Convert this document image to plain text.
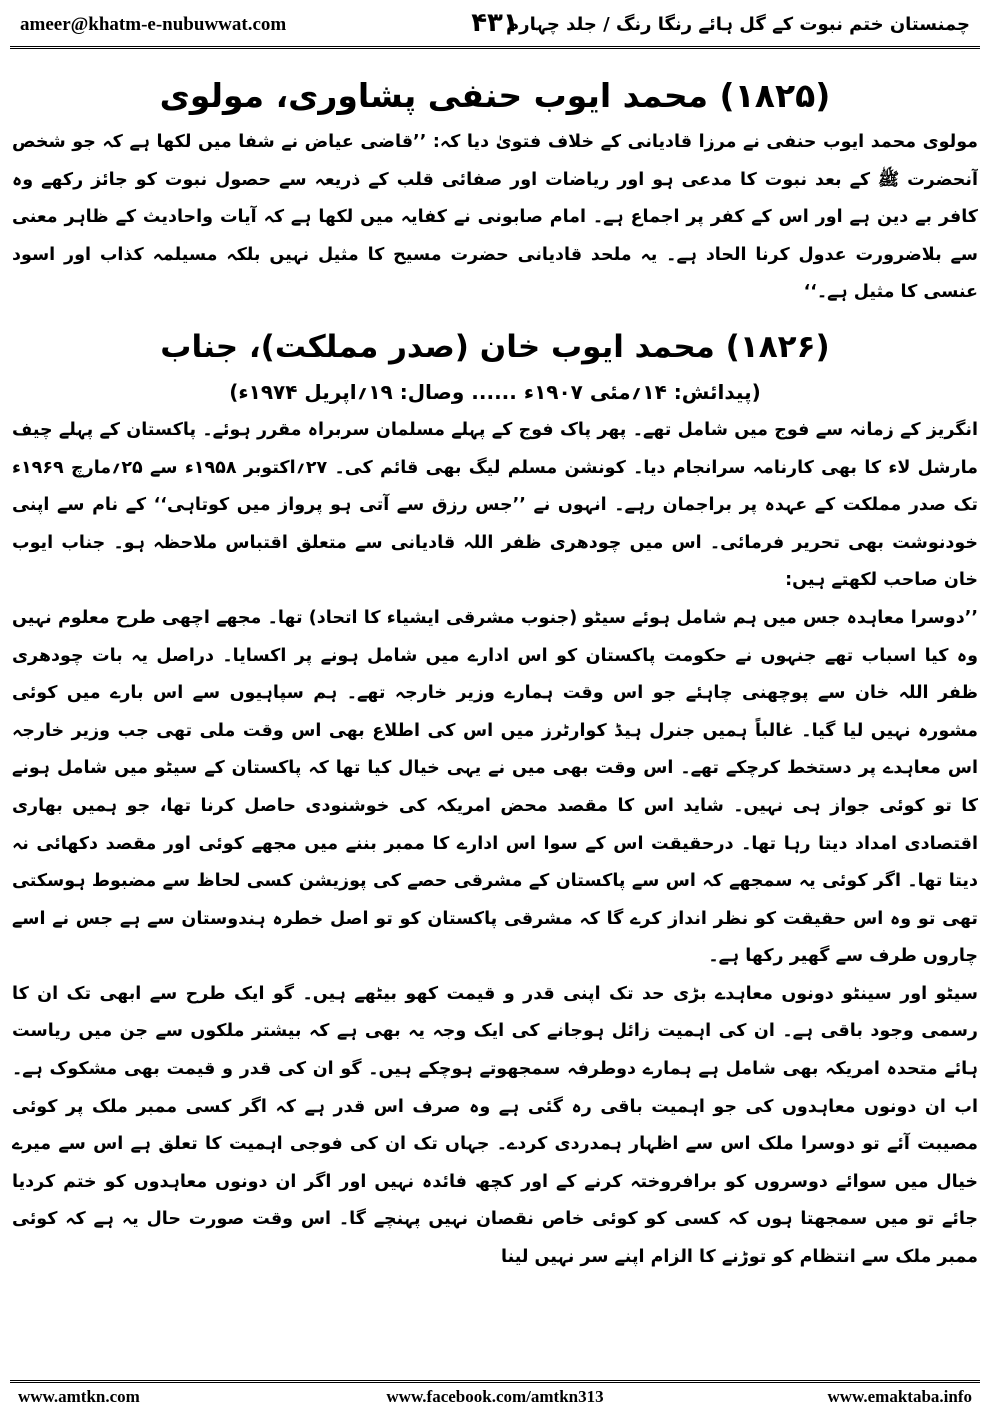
ameer@khatm-e-nubuwwat.com	۴۳۱
چمنستان ختم نبوت کے گل ہائے رنگا رنگ / جلد چہارم
(۱۸۲۵) محمد ایوب حنفی پشاوری، مولوی

مولوی محمد ایوب حنفی نے مرزا قادیانی کے خلاف فتویٰ دیا کہ: ’’قاضی عیاض نے شفا میں لکھا ہے کہ جو شخص آنحضرت ﷺ کے بعد نبوت کا مدعی ہو اور ریاضات اور صفائی قلب کے ذریعہ سے حصول نبوت کو جائز رکھے وہ کافر بے دین ہے اور اس کے کفر پر اجماع ہے۔ امام صابونی نے کفایہ میں لکھا ہے کہ آیات واحادیث کے ظاہر معنی سے بلاضرورت عدول کرنا الحاد ہے۔ یہ ملحد قادیانی حضرت مسیح کا مثیل نہیں بلکہ مسیلمہ کذاب اور اسود عنسی کا مثیل ہے۔‘‘

(۱۸۲۶) محمد ایوب خان (صدر مملکت)، جناب
(پیدائش: ۱۴؍مئی ۱۹۰۷ء ...... وصال: ۱۹؍اپریل ۱۹۷۴ء)

انگریز کے زمانہ سے فوج میں شامل تھے۔ پھر پاک فوج کے پہلے مسلمان سربراہ مقرر ہوئے۔ پاکستان کے پہلے چیف مارشل لاء کا بھی کارنامہ سرانجام دیا۔ کونشن مسلم لیگ بھی قائم کی۔ ۲۷؍اکتوبر ۱۹۵۸ء سے ۲۵؍مارچ ۱۹۶۹ء تک صدر مملکت کے عہدہ پر براجمان رہے۔ انہوں نے ’’جس رزق سے آتی ہو پرواز میں کوتاہی‘‘ کے نام سے اپنی خودنوشت بھی تحریر فرمائی۔ اس میں چودھری ظفر اللہ قادیانی سے متعلق اقتباس ملاحظہ ہو۔ جناب ایوب خان صاحب لکھتے ہیں:

’’دوسرا معاہدہ جس میں ہم شامل ہوئے سیٹو (جنوب مشرقی ایشیاء کا اتحاد) تھا۔ مجھے اچھی طرح معلوم نہیں وہ کیا اسباب تھے جنہوں نے حکومت پاکستان کو اس ادارے میں شامل ہونے پر اکسایا۔ دراصل یہ بات چودھری ظفر اللہ خان سے پوچھنی چاہئے جو اس وقت ہمارے وزیر خارجہ تھے۔ ہم سپاہیوں سے اس بارے میں کوئی مشورہ نہیں لیا گیا۔ غالباً ہمیں جنرل ہیڈ کوارٹرز میں اس کی اطلاع بھی اس وقت ملی تھی جب وزیر خارجہ اس معاہدے پر دستخط کرچکے تھے۔ اس وقت بھی میں نے یہی خیال کیا تھا کہ پاکستان کے سیٹو میں شامل ہونے کا تو کوئی جواز ہی نہیں۔ شاید اس کا مقصد محض امریکہ کی خوشنودی حاصل کرنا تھا، جو ہمیں بھاری اقتصادی امداد دیتا رہا تھا۔ درحقیقت اس کے سوا اس ادارے کا ممبر بننے میں مجھے کوئی اور مقصد دکھائی نہ دیتا تھا۔ اگر کوئی یہ سمجھے کہ اس سے پاکستان کے مشرقی حصے کی پوزیشن کسی لحاظ سے مضبوط ہوسکتی تھی تو وہ اس حقیقت کو نظر انداز کرے گا کہ مشرقی پاکستان کو تو اصل خطرہ ہندوستان سے ہے جس نے اسے چاروں طرف سے گھیر رکھا ہے۔

سیٹو اور سینٹو دونوں معاہدے بڑی حد تک اپنی قدر و قیمت کھو بیٹھے ہیں۔ گو ایک طرح سے ابھی تک ان کا رسمی وجود باقی ہے۔ ان کی اہمیت زائل ہوجانے کی ایک وجہ یہ بھی ہے کہ بیشتر ملکوں سے جن میں ریاست ہائے متحدہ امریکہ بھی شامل ہے ہمارے دوطرفہ سمجھوتے ہوچکے ہیں۔ گو ان کی قدر و قیمت بھی مشکوک ہے۔ اب ان دونوں معاہدوں کی جو اہمیت باقی رہ گئی ہے وہ صرف اس قدر ہے کہ اگر کسی ممبر ملک پر کوئی مصیبت آئے تو دوسرا ملک اس سے اظہار ہمدردی کردے۔ جہاں تک ان کی فوجی اہمیت کا تعلق ہے اس سے میرے خیال میں سوائے دوسروں کو برافروختہ کرنے کے اور کچھ فائدہ نہیں اور اگر ان دونوں معاہدوں کو ختم کردیا جائے تو میں سمجھتا ہوں کہ کسی کو کوئی خاص نقصان نہیں پہنچے گا۔ اس وقت صورت حال یہ ہے کہ کوئی ممبر ملک سے انتظام کو توڑنے کا الزام اپنے سر نہیں لینا

www.amtkn.com	www.facebook.com/amtkn313	www.emaktaba.info
